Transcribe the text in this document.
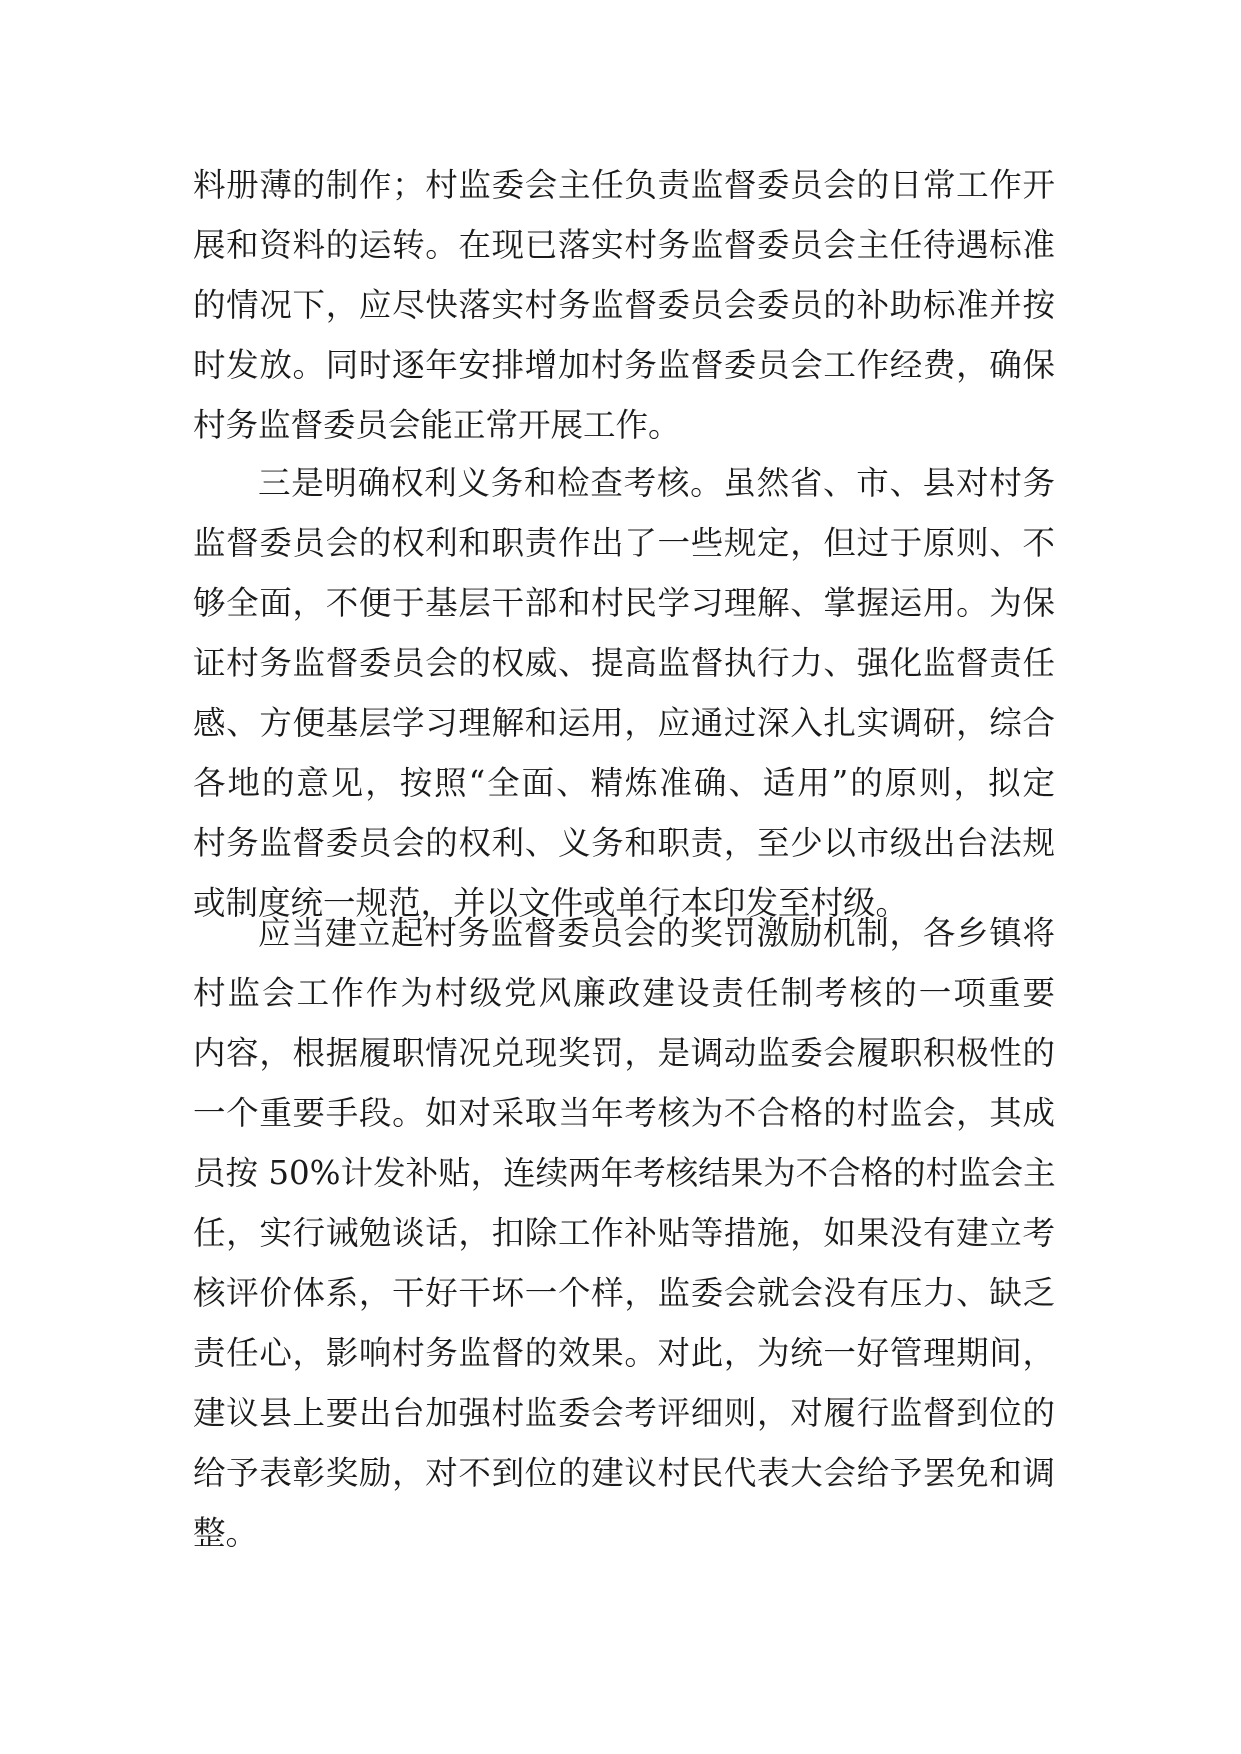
料册薄的制作；村监委会主任负责监督委员会的日常工作开
展和资料的运转。在现已落实村务监督委员会主任待遇标准
的情况下，应尽快落实村务监督委员会委员的补助标准并按
时发放。同时逐年安排增加村务监督委员会工作经费，确保
村务监督委员会能正常开展工作。
三是明确权利义务和检查考核。虽然省、市、县对村务
监督委员会的权利和职责作出了一些规定，但过于原则、不
够全面，不便于基层干部和村民学习理解、掌握运用。为保
证村务监督委员会的权威、提高监督执行力、强化监督责任
感、方便基层学习理解和运用，应通过深入扎实调研，综合
各地的意见，按照“全面、精炼准确、适用”的原则，拟定
村务监督委员会的权利、义务和职责，至少以市级出台法规
或制度统一规范，并以文件或单行本印发至村级。
应当建立起村务监督委员会的奖罚激励机制，各乡镇将
村监会工作作为村级党风廉政建设责任制考核的一项重要
内容，根据履职情况兑现奖罚，是调动监委会履职积极性的
一个重要手段。如对采取当年考核为不合格的村监会，其成
员按 50%计发补贴，连续两年考核结果为不合格的村监会主
任，实行诫勉谈话，扣除工作补贴等措施，如果没有建立考
核评价体系，干好干坏一个样，监委会就会没有压力、缺乏
责任心，影响村务监督的效果。对此，为统一好管理期间，
建议县上要出台加强村监委会考评细则，对履行监督到位的
给予表彰奖励，对不到位的建议村民代表大会给予罢免和调
整。
